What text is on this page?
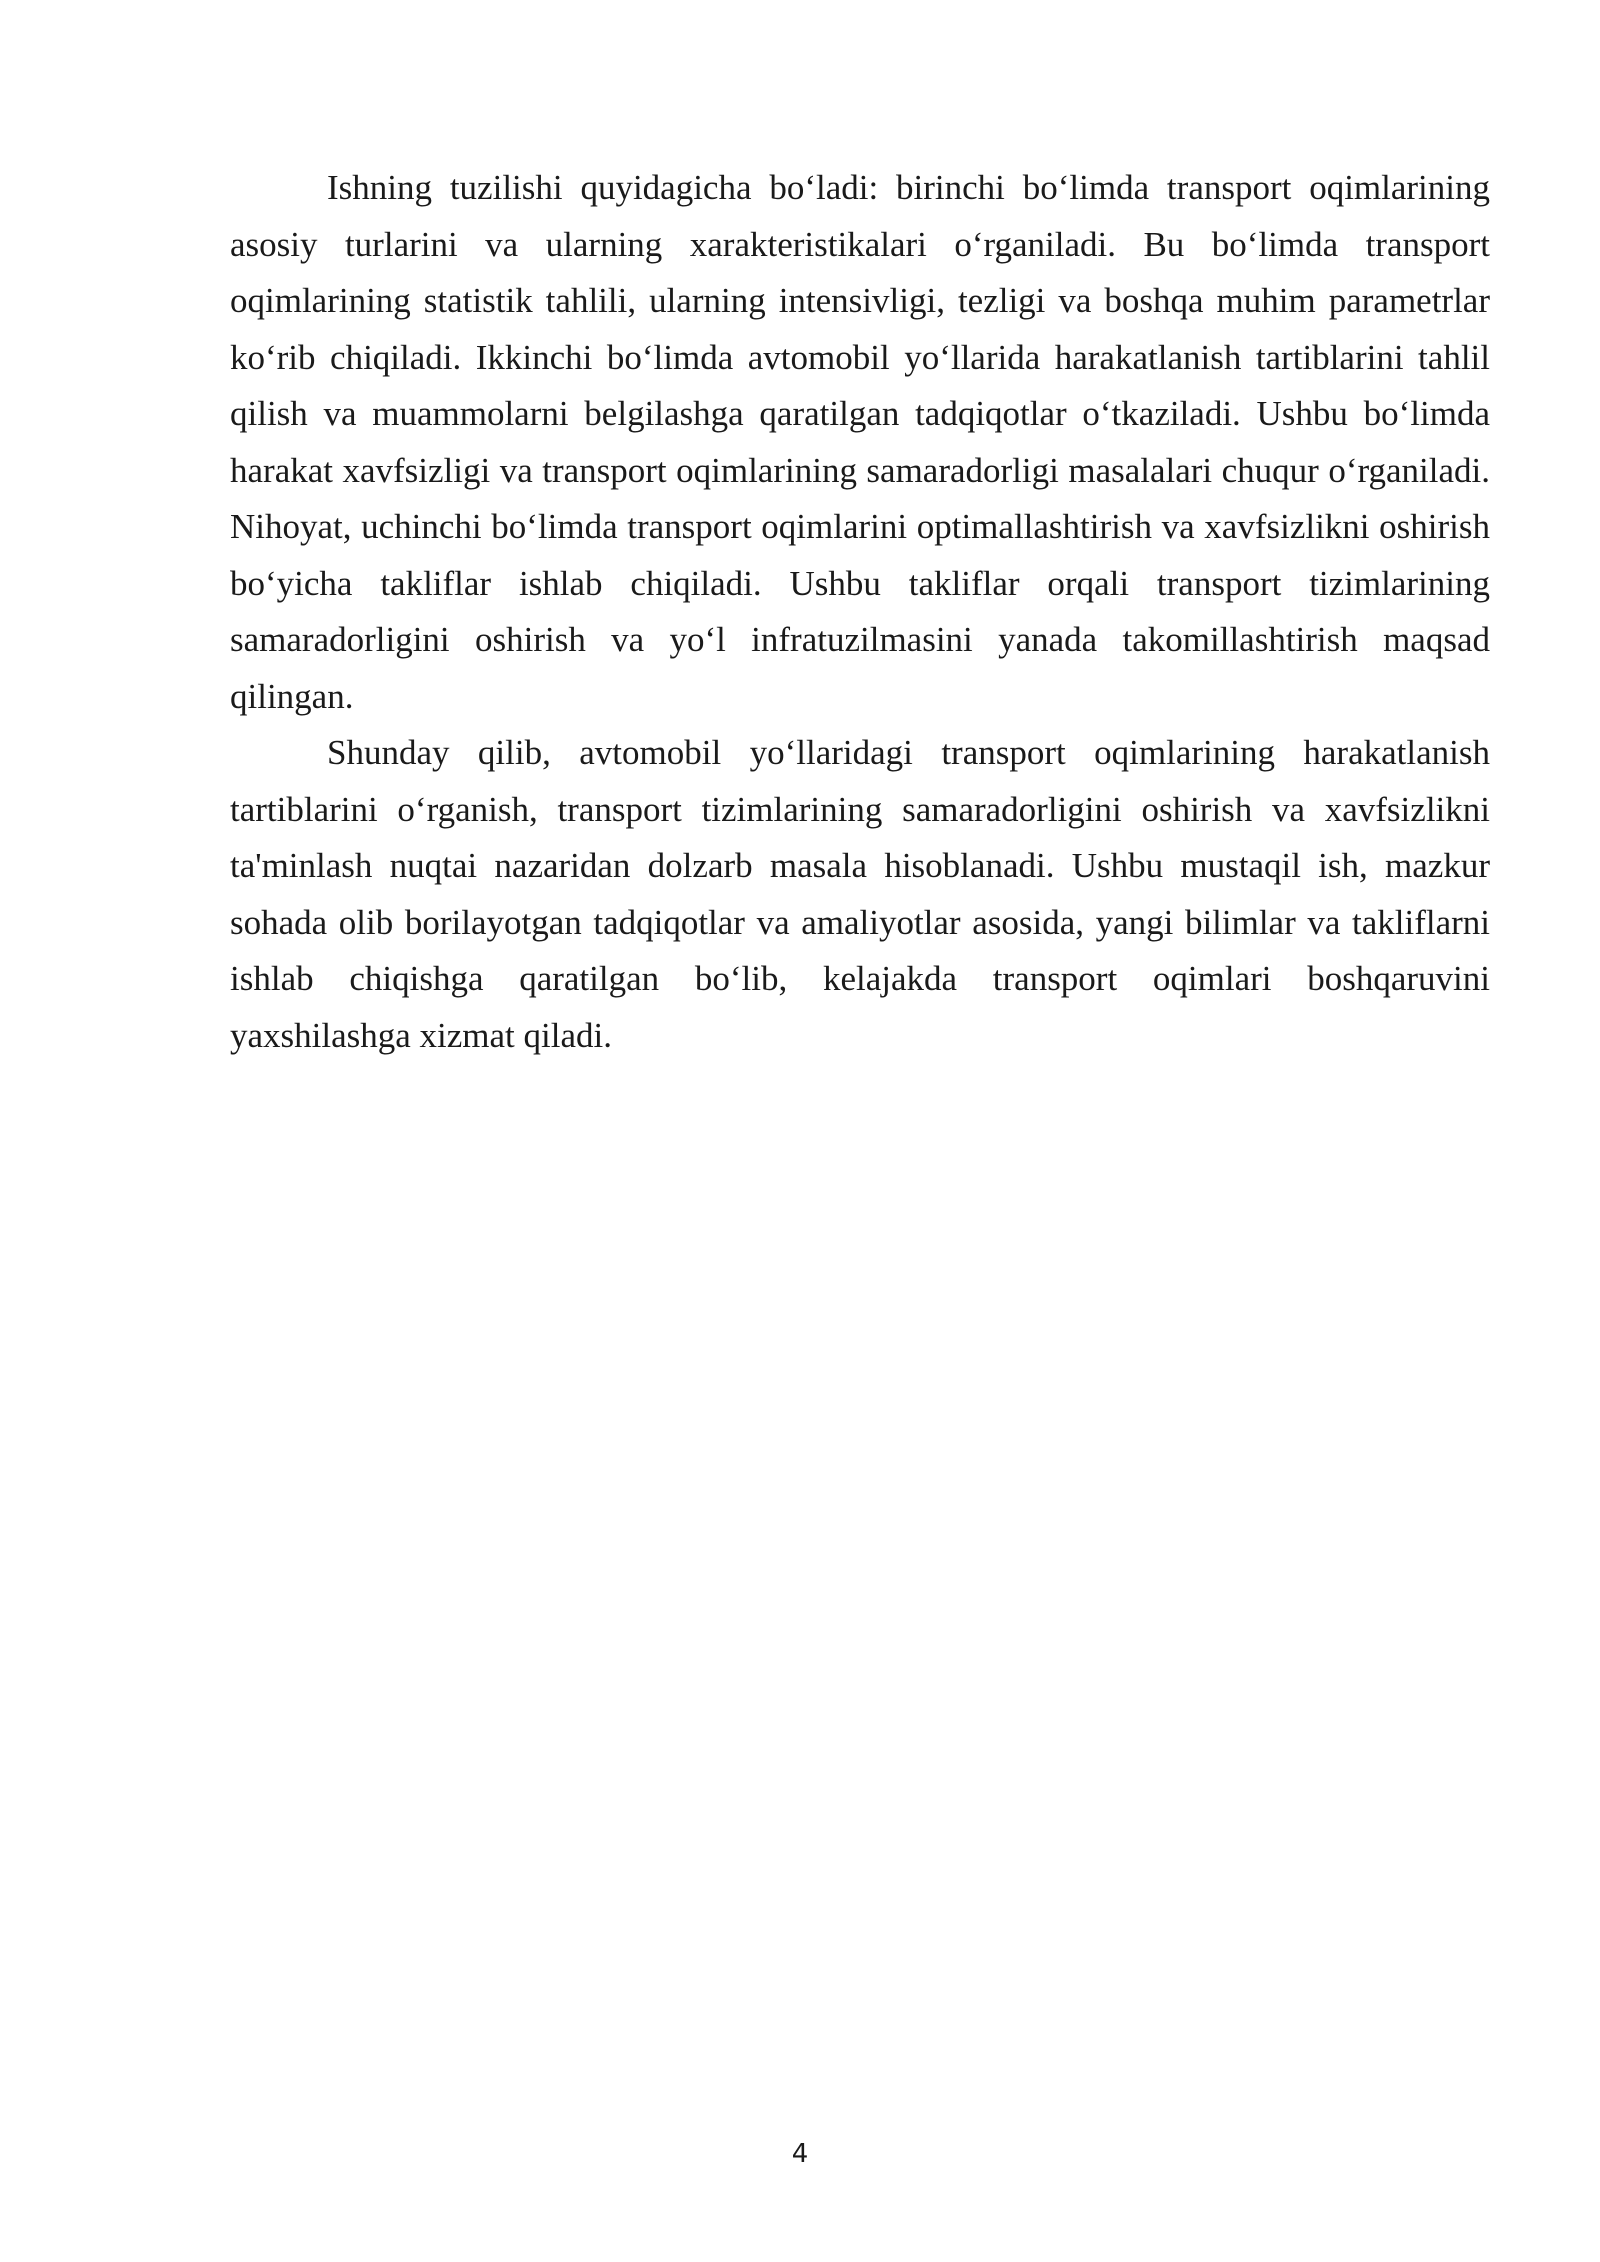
Ishning tuzilishi quyidagicha bo‘ladi: birinchi bo‘limda transport oqimlarining asosiy turlarini va ularning xarakteristikalari o‘rganiladi. Bu bo‘limda transport oqimlarining statistik tahlili, ularning intensivligi, tezligi va boshqa muhim parametrlar ko‘rib chiqiladi. Ikkinchi bo‘limda avtomobil yo‘llarida harakatlanish tartiblarini tahlil qilish va muammolarni belgilashga qaratilgan tadqiqotlar o‘tkaziladi. Ushbu bo‘limda harakat xavfsizligi va transport oqimlarining samaradorligi masalalari chuqur o‘rganiladi. Nihoyat, uchinchi bo‘limda transport oqimlarini optimallashtirish va xavfsizlikni oshirish bo‘yicha takliflar ishlab chiqiladi. Ushbu takliflar orqali transport tizimlarining samaradorligini oshirish va yo‘l infratuzilmasini yanada takomillashtirish maqsad qilingan.

Shunday qilib, avtomobil yo‘llaridagi transport oqimlarining harakatlanish tartiblarini o‘rganish, transport tizimlarining samaradorligini oshirish va xavfsizlikni ta'minlash nuqtai nazaridan dolzarb masala hisoblanadi. Ushbu mustaqil ish, mazkur sohada olib borilayotgan tadqiqotlar va amaliyotlar asosida, yangi bilimlar va takliflarni ishlab chiqishga qaratilgan bo‘lib, kelajakda transport oqimlari boshqaruvini yaxshilashga xizmat qiladi.

4
